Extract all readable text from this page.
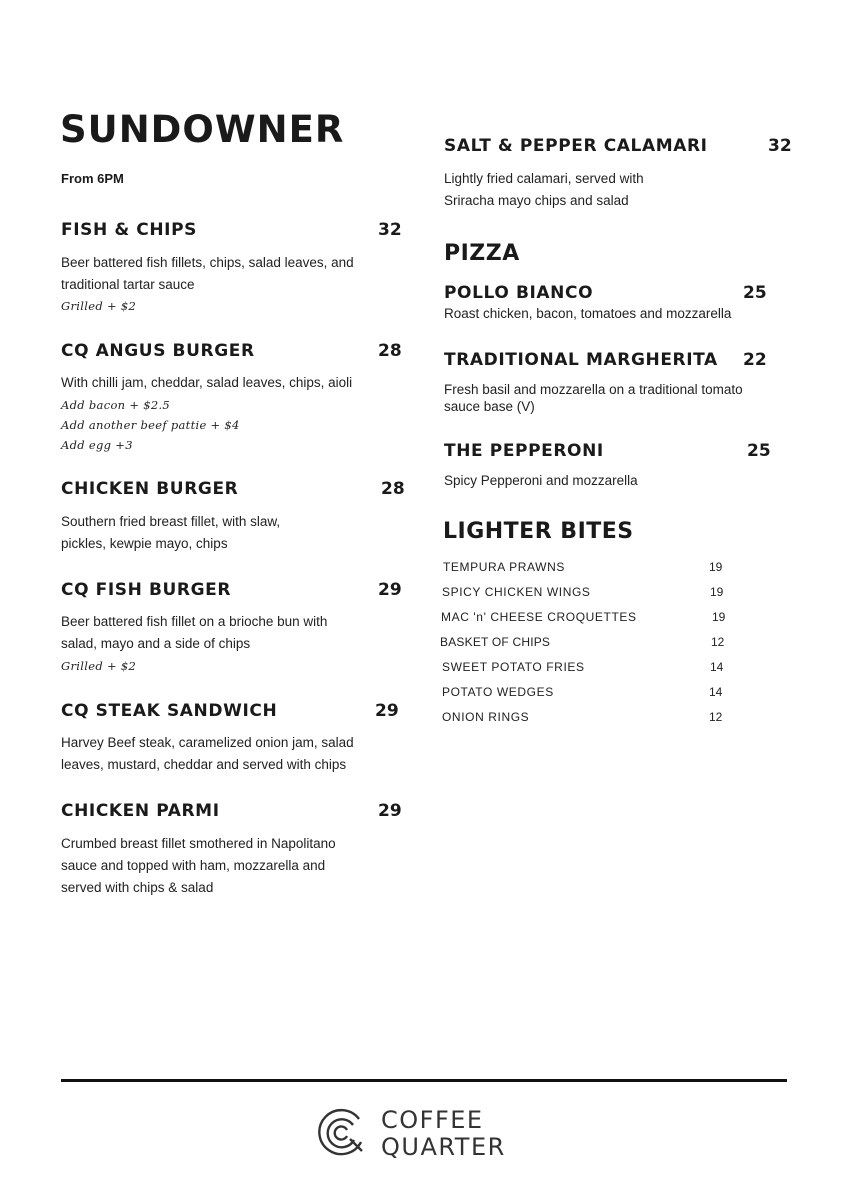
SUNDOWNER
From 6PM
FISH & CHIPS	32
Beer battered fish fillets, chips, salad leaves, and
traditional tartar sauce
Grilled + $2
CQ ANGUS BURGER	28
With chilli jam, cheddar, salad leaves, chips, aioli
Add bacon + $2.5
Add another beef pattie + $4
Add egg +3
CHICKEN BURGER	28
Southern fried breast fillet, with slaw,
pickles, kewpie mayo, chips
CQ FISH BURGER	29
Beer battered fish fillet on a brioche bun with
salad, mayo and a side of chips
Grilled + $2
CQ STEAK SANDWICH	29
Harvey Beef steak, caramelized onion jam, salad
leaves, mustard, cheddar and served with chips
CHICKEN PARMI	29
Crumbed breast fillet smothered in Napolitano
sauce and topped with ham, mozzarella and
served with chips & salad
SALT & PEPPER CALAMARI	32
Lightly fried calamari, served with
Sriracha mayo chips and salad
PIZZA
POLLO BIANCO	25
Roast chicken, bacon, tomatoes and mozzarella
TRADITIONAL MARGHERITA 22
Fresh basil and mozzarella on a traditional tomato
sauce base (V)
THE PEPPERONI	25
Spicy Pepperoni and mozzarella
LIGHTER BITES
TEMPURA PRAWNS	19
SPICY CHICKEN WINGS	19
MAC 'n' CHEESE CROQUETTES	19
BASKET OF CHIPS	12
SWEET POTATO FRIES	14
POTATO WEDGES	14
ONION RINGS	12
COFFEE
QUARTER
